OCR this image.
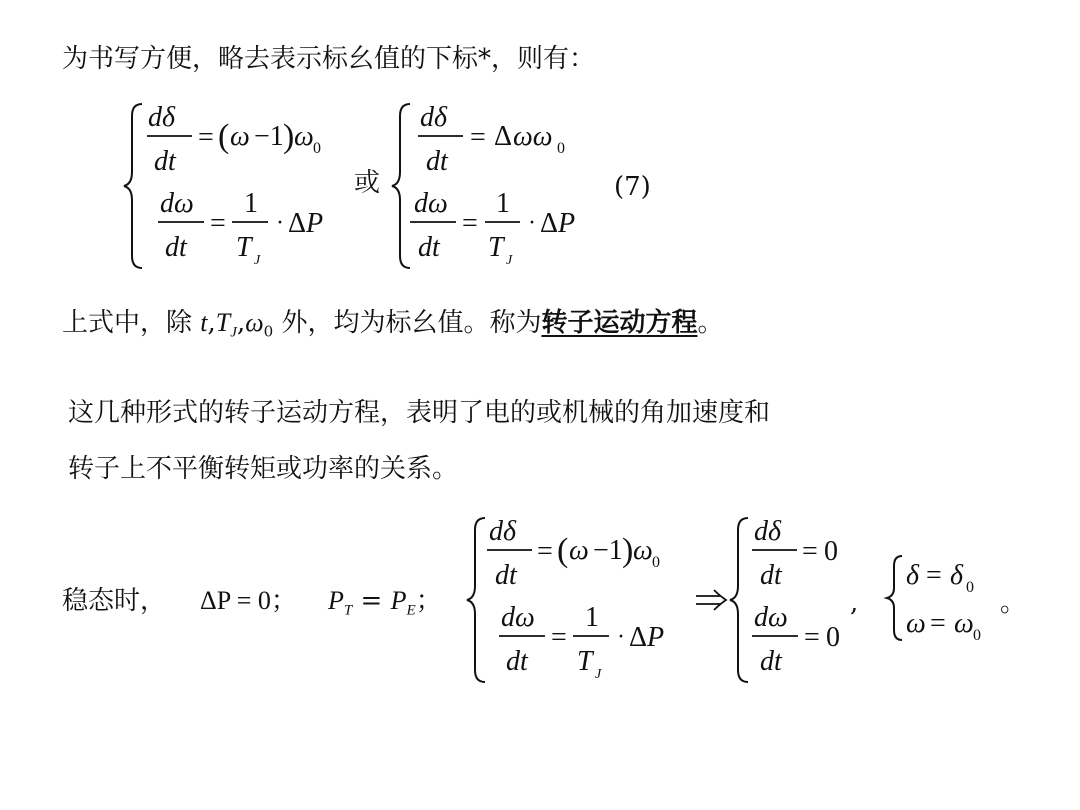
为书写方便，略去表示标幺值的下标*，则有：
dδ
dt
= ( ω −1 ) ω 0
dω
dt
=
1
T J
· Δ P
或
dδ
dt
= Δ ωω 0
dω
dt
=
1
T J
· Δ P
(7)
上式中，除 $t,T_J,\omega_0$ 外，均为标幺值。称为转子运动方程。
这几种形式的转子运动方程，表明了电的或机械的角加速度和
转子上不平衡转矩或功率的关系。
稳态时， ΔP = 0； $P_T = P_E$；
dδ
dt
= ( ω −1 ) ω 0
dω
dt
=
1
T J
· Δ P
dδ
dt
= 0
dω
dt
= 0
,
δ = δ 0
ω = ω 0
。
